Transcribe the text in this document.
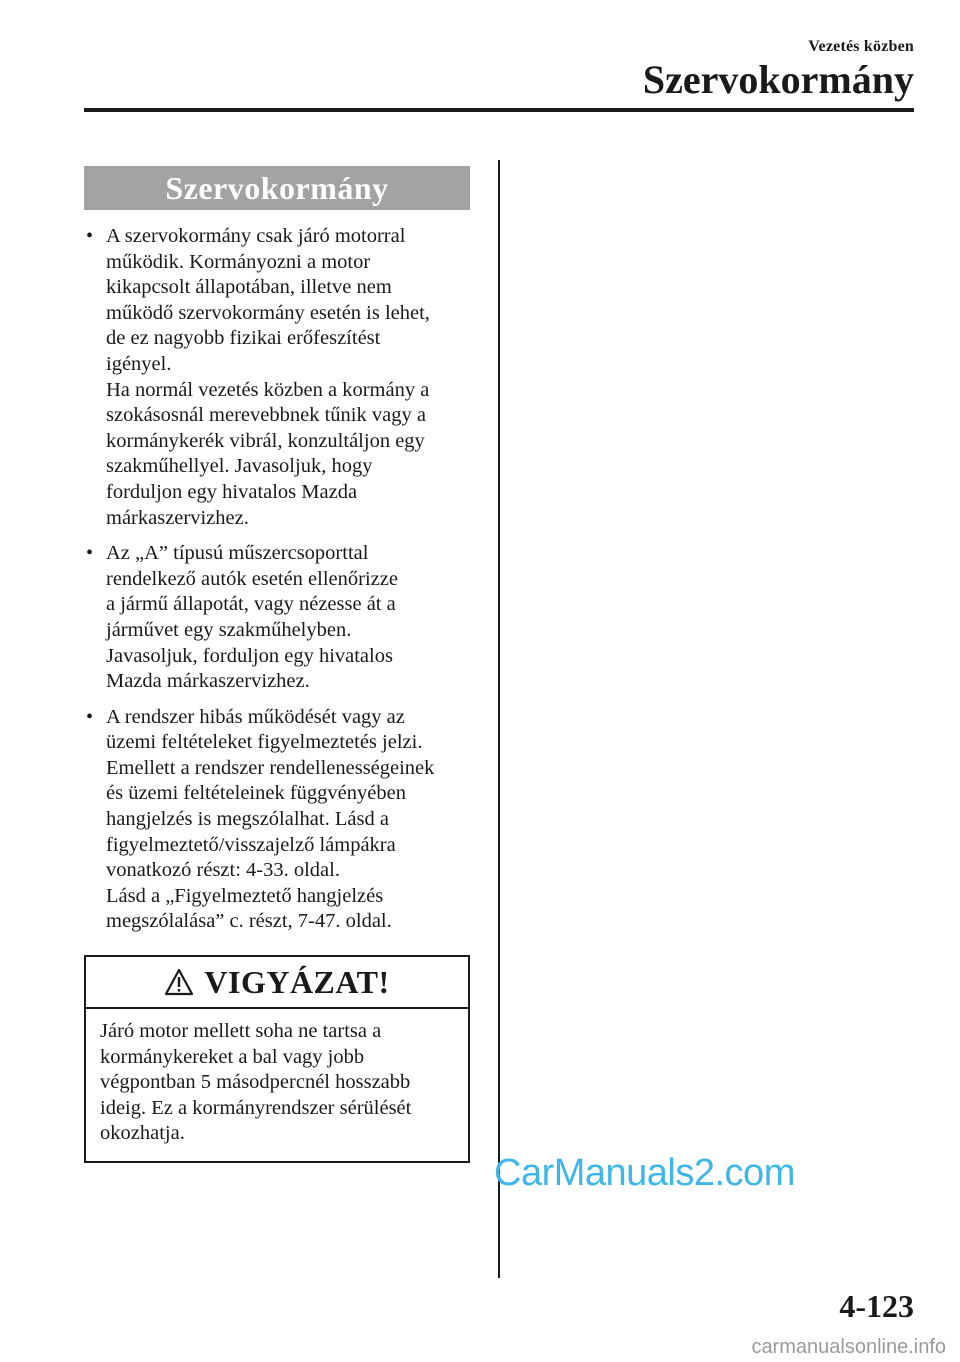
Vezetés közben
Szervokormány
Szervokormány
• A szervokormány csak járó motorral
működik. Kormányozni a motor
kikapcsolt állapotában, illetve nem
működő szervokormány esetén is lehet,
de ez nagyobb fizikai erőfeszítést
igényel.
Ha normál vezetés közben a kormány a
szokásosnál merevebbnek tűnik vagy a
kormánykerék vibrál, konzultáljon egy
szakműhellyel. Javasoljuk, hogy
forduljon egy hivatalos Mazda
márkaszervizhez.

• Az „A” típusú műszercsoporttal
rendelkező autók esetén ellenőrizze
a jármű állapotát, vagy nézesse át a
járművet egy szakműhelyben.
Javasoljuk, forduljon egy hivatalos
Mazda márkaszervizhez.

• A rendszer hibás működését vagy az
üzemi feltételeket figyelmeztetés jelzi.
Emellett a rendszer rendellenességeinek
és üzemi feltételeinek függvényében
hangjelzés is megszólalhat. Lásd a
figyelmeztető/visszajelző lámpákra
vonatkozó részt: 4-33. oldal.
Lásd a „Figyelmeztető hangjelzés
megszólalása” c. részt, 7-47. oldal.

VIGYÁZAT!
Járó motor mellett soha ne tartsa a
kormánykereket a bal vagy jobb
végpontban 5 másodpercnél hosszabb
ideig. Ez a kormányrendszer sérülését
okozhatja.
CarManuals2.com
4-123
carmanualsonline.info
